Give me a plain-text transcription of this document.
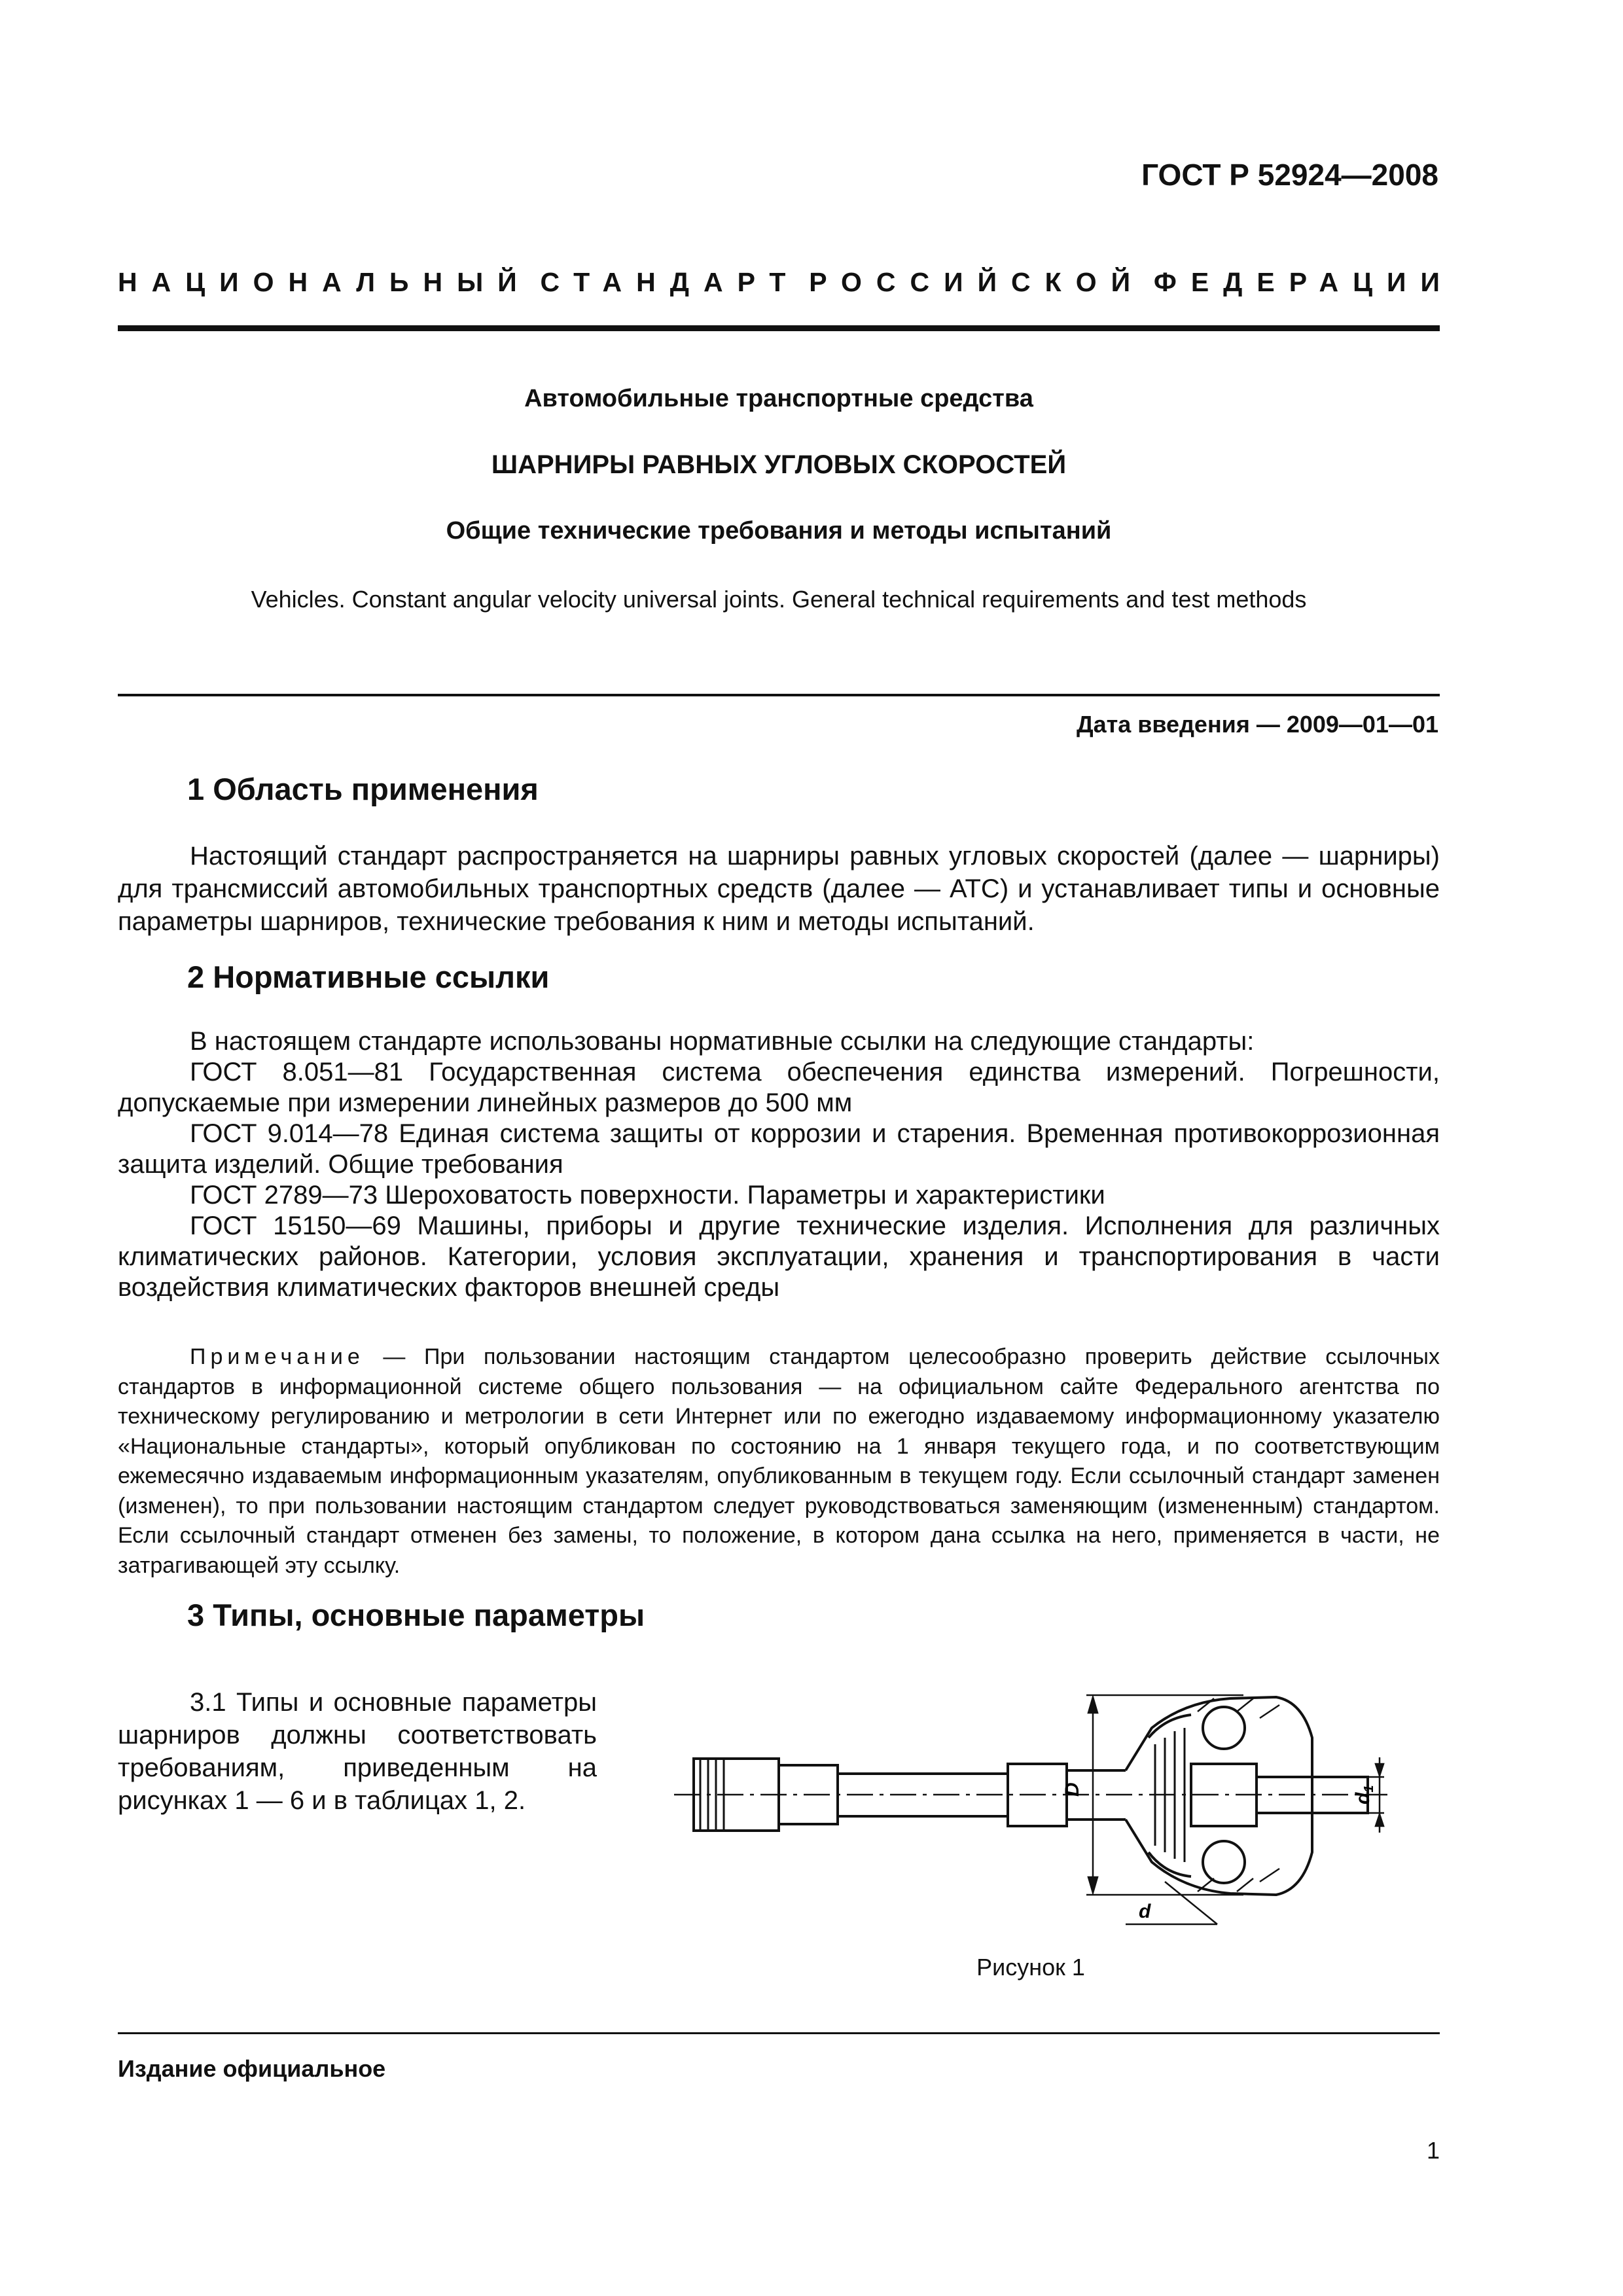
ГОСТ Р 52924—2008
НАЦИОНАЛЬНЫЙ СТАНДАРТ РОССИЙСКОЙ ФЕДЕРАЦИИ
Автомобильные транспортные средства
ШАРНИРЫ РАВНЫХ УГЛОВЫХ СКОРОСТЕЙ
Общие технические требования и методы испытаний
Vehicles. Constant angular velocity universal joints. General technical requirements and test methods
Дата введения — 2009—01—01
1 Область применения

Настоящий стандарт распространяется на шарниры равных угловых скоростей (далее — шарниры) для трансмиссий автомобильных транспортных средств (далее — АТС) и устанавливает типы и основные параметры шарниров, технические требования к ним и методы испытаний.

2 Нормативные ссылки

В настоящем стандарте использованы нормативные ссылки на следующие стандарты:

ГОСТ 8.051—81 Государственная система обеспечения единства измерений. Погрешности, допускаемые при измерении линейных размеров до 500 мм

ГОСТ 9.014—78 Единая система защиты от коррозии и старения. Временная противокоррозионная защита изделий. Общие требования

ГОСТ 2789—73 Шероховатость поверхности. Параметры и характеристики

ГОСТ 15150—69 Машины, приборы и другие технические изделия. Исполнения для различных климатических районов. Категории, условия эксплуатации, хранения и транспортирования в части воздействия климатических факторов внешней среды

Примечание — При пользовании настоящим стандартом целесообразно проверить действие ссылочных стандартов в информационной системе общего пользования — на официальном сайте Федерального агентства по техническому регулированию и метрологии в сети Интернет или по ежегодно издаваемому информационному указателю «Национальные стандарты», который опубликован по состоянию на 1 января текущего года, и по соответствующим ежемесячно издаваемым информационным указателям, опубликованным в текущем году. Если ссылочный стандарт заменен (изменен), то при пользовании настоящим стандартом следует руководствоваться заменяющим (измененным) стандартом. Если ссылочный стандарт отменен без замены, то положение, в котором дана ссылка на него, применяется в части, не затрагивающей эту ссылку.

3 Типы, основные параметры

3.1 Типы и основные параметры шарниров должны соответствовать требованиям, приведенным на рисунках 1 — 6 и в таблицах 1, 2.	D
d
$d_1$
Рисунок 1
Издание официальное
1
